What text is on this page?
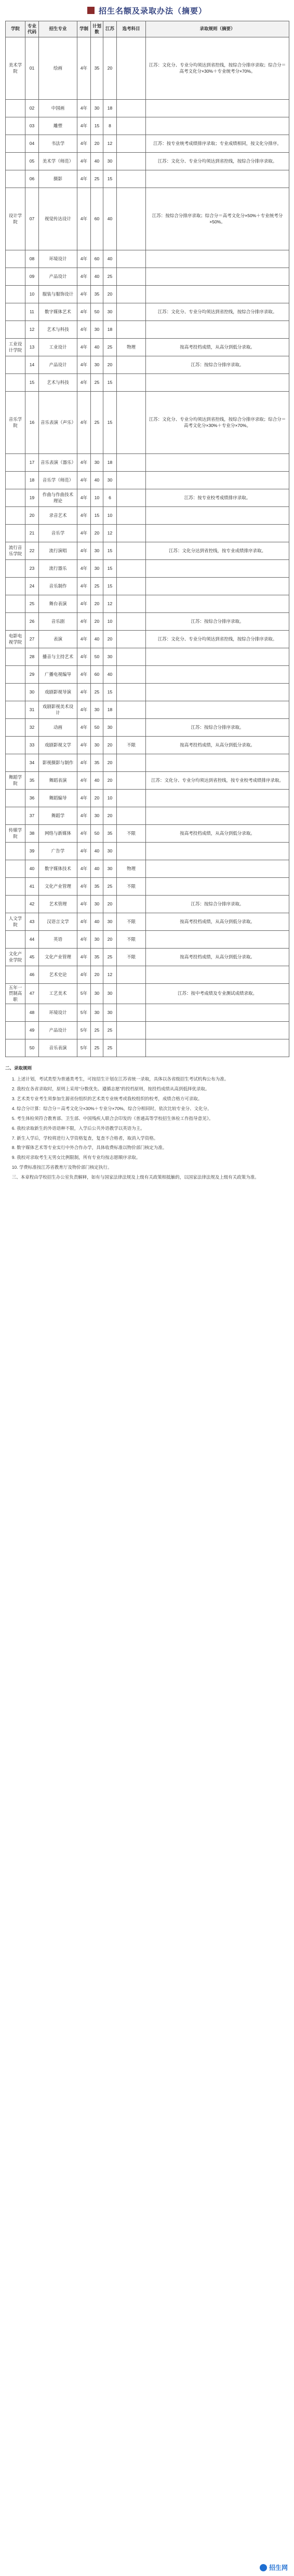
招生名额及录取办法（摘要）
学院	专业代码	招生专业	学制	计划数	江苏	选考科目	录取规则（摘要）
美术学院	01	绘画	4年	35	20		江苏：文化分、专业分均须达到省控线，按综合分排序录取；综合分＝高考文化分×30%＋专业统考分×70%。
	02	中国画	4年	30	18		
	03	雕塑	4年	15	8		
	04	书法学	4年	20	12		江苏：按专业统考成绩排序录取；专业成绩相同，按文化分排序。
	05	美术学（师范）	4年	40	30		江苏：文化分、专业分均须达到省控线，按综合分排序录取。
	06	摄影	4年	25	15		
设计学院	07	视觉传达设计	4年	60	40		江苏：按综合分排序录取；综合分＝高考文化分×50%＋专业统考分×50%。
	08	环境设计	4年	60	40		
	09	产品设计	4年	40	25		
	10	服装与服饰设计	4年	35	20		
	11	数字媒体艺术	4年	50	30		江苏：文化分、专业分均须达到省控线，按综合分排序录取。
	12	艺术与科技	4年	30	18		
工业设计学院	13	工业设计	4年	40	25	物理	按高考投档成绩，从高分到低分录取。
	14	产品设计	4年	30	20		江苏：按综合分排序录取。
	15	艺术与科技	4年	25	15		
音乐学院	16	音乐表演（声乐）	4年	25	15		江苏：文化分、专业分均须达到省控线，按综合分排序录取；综合分＝高考文化分×30%＋专业分×70%。
	17	音乐表演（器乐）	4年	30	18		
	18	音乐学（师范）	4年	40	30		
	19	作曲与作曲技术理论	4年	10	6		江苏：按专业校考成绩排序录取。
	20	录音艺术	4年	15	10		
	21	音乐学	4年	20	12		
流行音乐学院	22	流行演唱	4年	30	15		江苏：文化分达到省控线，按专业成绩排序录取。
	23	流行器乐	4年	30	15		
	24	音乐制作	4年	25	15		
	25	舞台表演	4年	20	12		
	26	音乐剧	4年	20	10		江苏：按综合分排序录取。
电影电视学院	27	表演	4年	40	20		江苏：文化分、专业分均须达到省控线，按综合分排序录取。
	28	播音与主持艺术	4年	50	30		
	29	广播电视编导	4年	60	40		
	30	戏剧影视导演	4年	25	15		
	31	戏剧影视美术设计	4年	30	18		
	32	动画	4年	50	30		江苏：按综合分排序录取。
	33	戏剧影视文学	4年	30	20	不限	按高考投档成绩，从高分到低分录取。
	34	影视摄影与制作	4年	35	20		
舞蹈学院	35	舞蹈表演	4年	40	20		江苏：文化分、专业分均须达到省控线，按专业校考成绩排序录取。
	36	舞蹈编导	4年	20	10		
	37	舞蹈学	4年	30	20		
传媒学院	38	网络与新媒体	4年	50	35	不限	按高考投档成绩，从高分到低分录取。
	39	广告学	4年	40	30		
	40	数字媒体技术	4年	40	30	物理	
	41	文化产业管理	4年	35	25	不限	
	42	艺术管理	4年	30	20		江苏：按综合分排序录取。
人文学院	43	汉语言文学	4年	40	30	不限	按高考投档成绩，从高分到低分录取。
	44	英语	4年	30	20	不限	
文化产业学院	45	文化产业管理	4年	35	25	不限	按高考投档成绩，从高分到低分录取。
	46	艺术史论	4年	20	12		
五年一贯制高职	47	工艺美术	5年	30	30		江苏：按中考成绩及专业测试成绩录取。
	48	环境设计	5年	30	30		
	49	产品设计	5年	25	25		
	50	音乐表演	5年	25	25		

二、录取规则

1. 上述计划，考试类型为普通类考生，可按招生计划在江苏省统一录取，具体以各省级招生考试机构公布为准。

2. 我校在各省录取时，原则上采用“分数优先、遵循志愿”的投档原则，按投档成绩从高到低择优录取。

3. 艺术类专业考生须参加生源省份组织的艺术类专业统考或我校组织的校考，成绩合格方可录取。

4. 综合分计算：综合分＝高考文化分×30%＋专业分×70%，综合分相同时，依次比较专业分、文化分。

5. 考生体检须符合教育部、卫生部、中国残疾人联合会印发的《普通高等学校招生体检工作指导意见》。

6. 我校录取新生的外语语种不限，入学后公共外语教学以英语为主。

7. 新生入学后，学校将进行入学资格复查，复查不合格者，取消入学资格。

8. 数字媒体艺术等专业实行中外合作办学，具体收费标准以物价部门核定为准。

9. 我校对录取考生无男女比例限制，所有专业均按志愿顺序录取。

10. 学费标准按江苏省教育厅及物价部门核定执行。

三、本章程由学校招生办公室负责解释，如有与国家法律法规及上级有关政策相抵触的，以国家法律法规及上级有关政策为准。

招生网
